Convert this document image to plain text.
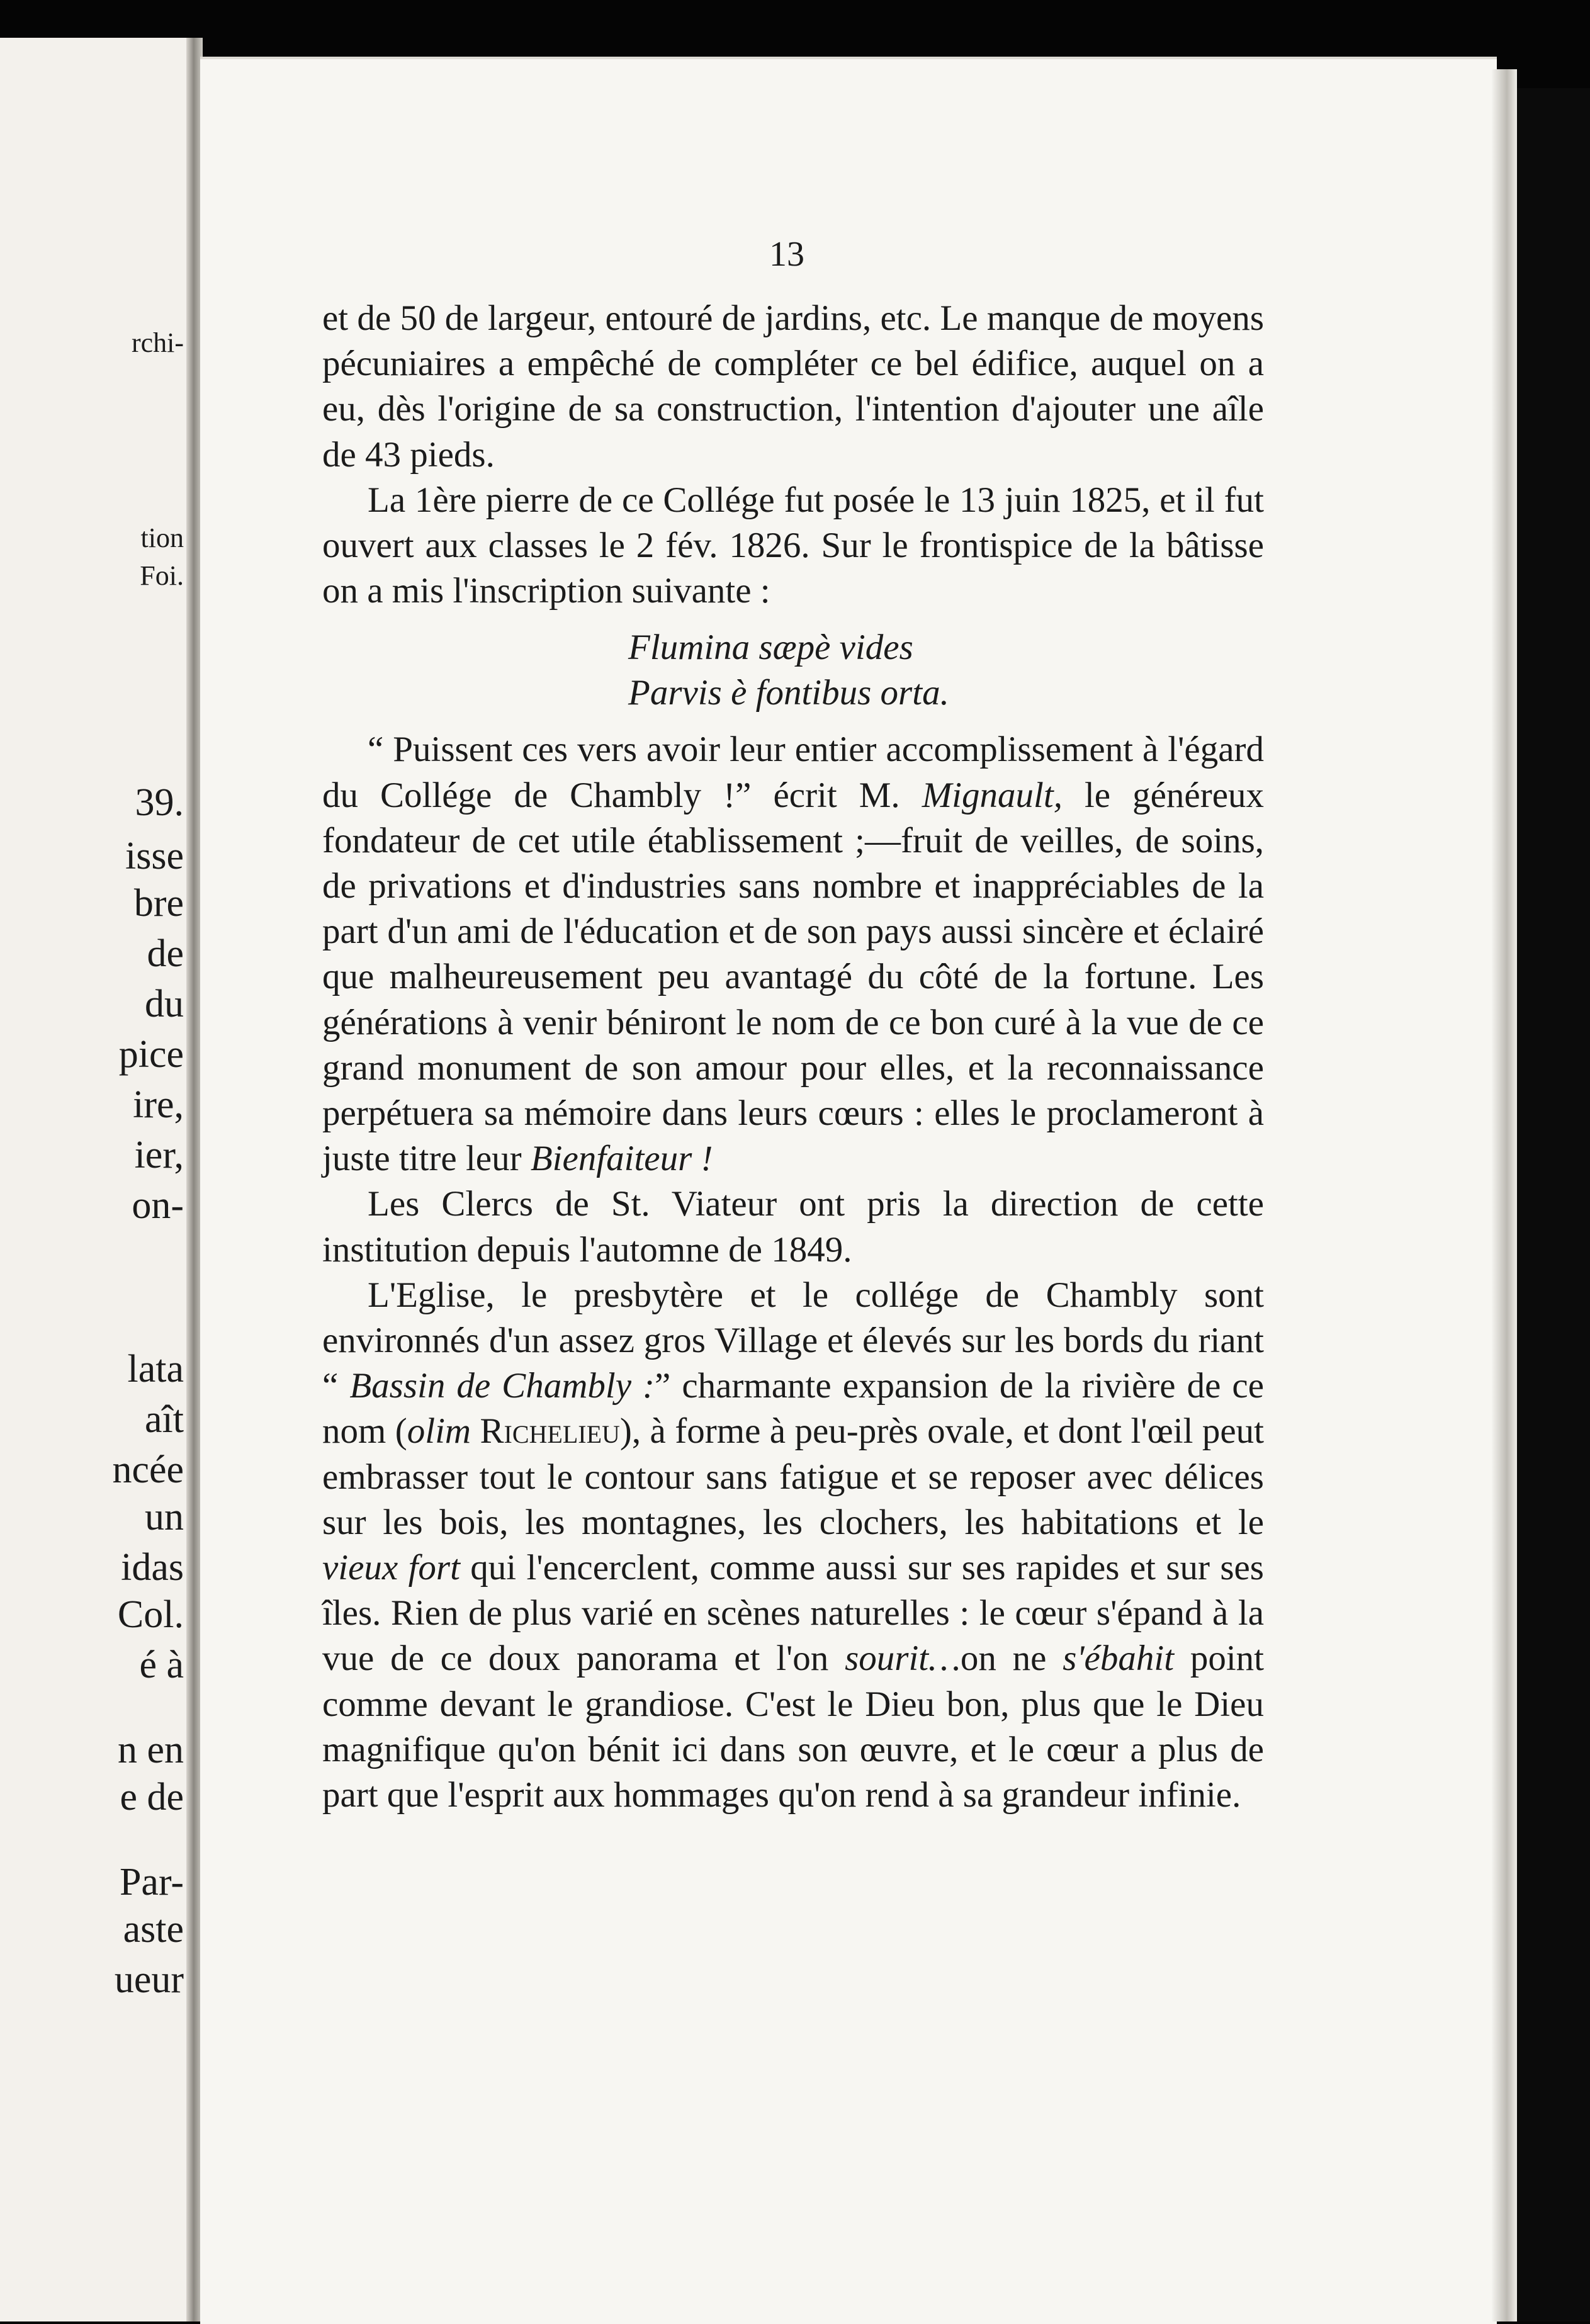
rchi-
tion
Foi.
39.
isse
bre
de
du
pice
ire,
ier,
on-
lata
aît
ncée
un
idas
Col.
é à
n en
e de
Par-
aste
ueur
13

et de 50 de largeur, entouré de jardins, etc. Le manque de moyens pécuniaires a empêché de compléter ce bel édifice, auquel on a eu, dès l'origine de sa construction, l'intention d'ajouter une aîle de 43 pieds.

La 1ère pierre de ce Collége fut posée le 13 juin 1825, et il fut ouvert aux classes le 2 fév. 1826. Sur le frontispice de la bâtisse on a mis l'inscription suivante :

Flumina sæpè vides
Parvis è fontibus orta.

“ Puissent ces vers avoir leur entier accomplissement à l'égard du Collége de Chambly !” écrit M. Mignault, le généreux fondateur de cet utile établissement ;—fruit de veilles, de soins, de privations et d'industries sans nombre et inappréciables de la part d'un ami de l'éducation et de son pays aussi sincère et éclairé que malheureusement peu avantagé du côté de la fortune. Les générations à venir béniront le nom de ce bon curé à la vue de ce grand monument de son amour pour elles, et la reconnaissance perpétuera sa mémoire dans leurs cœurs : elles le proclameront à juste titre leur Bienfaiteur !

Les Clercs de St. Viateur ont pris la direction de cette institution depuis l'automne de 1849.

L'Eglise, le presbytère et le collége de Chambly sont environnés d'un assez gros Village et élevés sur les bords du riant “ Bassin de Chambly :” charmante expansion de la rivière de ce nom (olim Richelieu), à forme à peu-près ovale, et dont l'œil peut embrasser tout le contour sans fatigue et se reposer avec délices sur les bois, les montagnes, les clochers, les habitations et le vieux fort qui l'encerclent, comme aussi sur ses rapides et sur ses îles. Rien de plus varié en scènes naturelles : le cœur s'épand à la vue de ce doux panorama et l'on sourit…on ne s'ébahit point comme devant le grandiose. C'est le Dieu bon, plus que le Dieu magnifique qu'on bénit ici dans son œuvre, et le cœur a plus de part que l'esprit aux hommages qu'on rend à sa grandeur infinie.
